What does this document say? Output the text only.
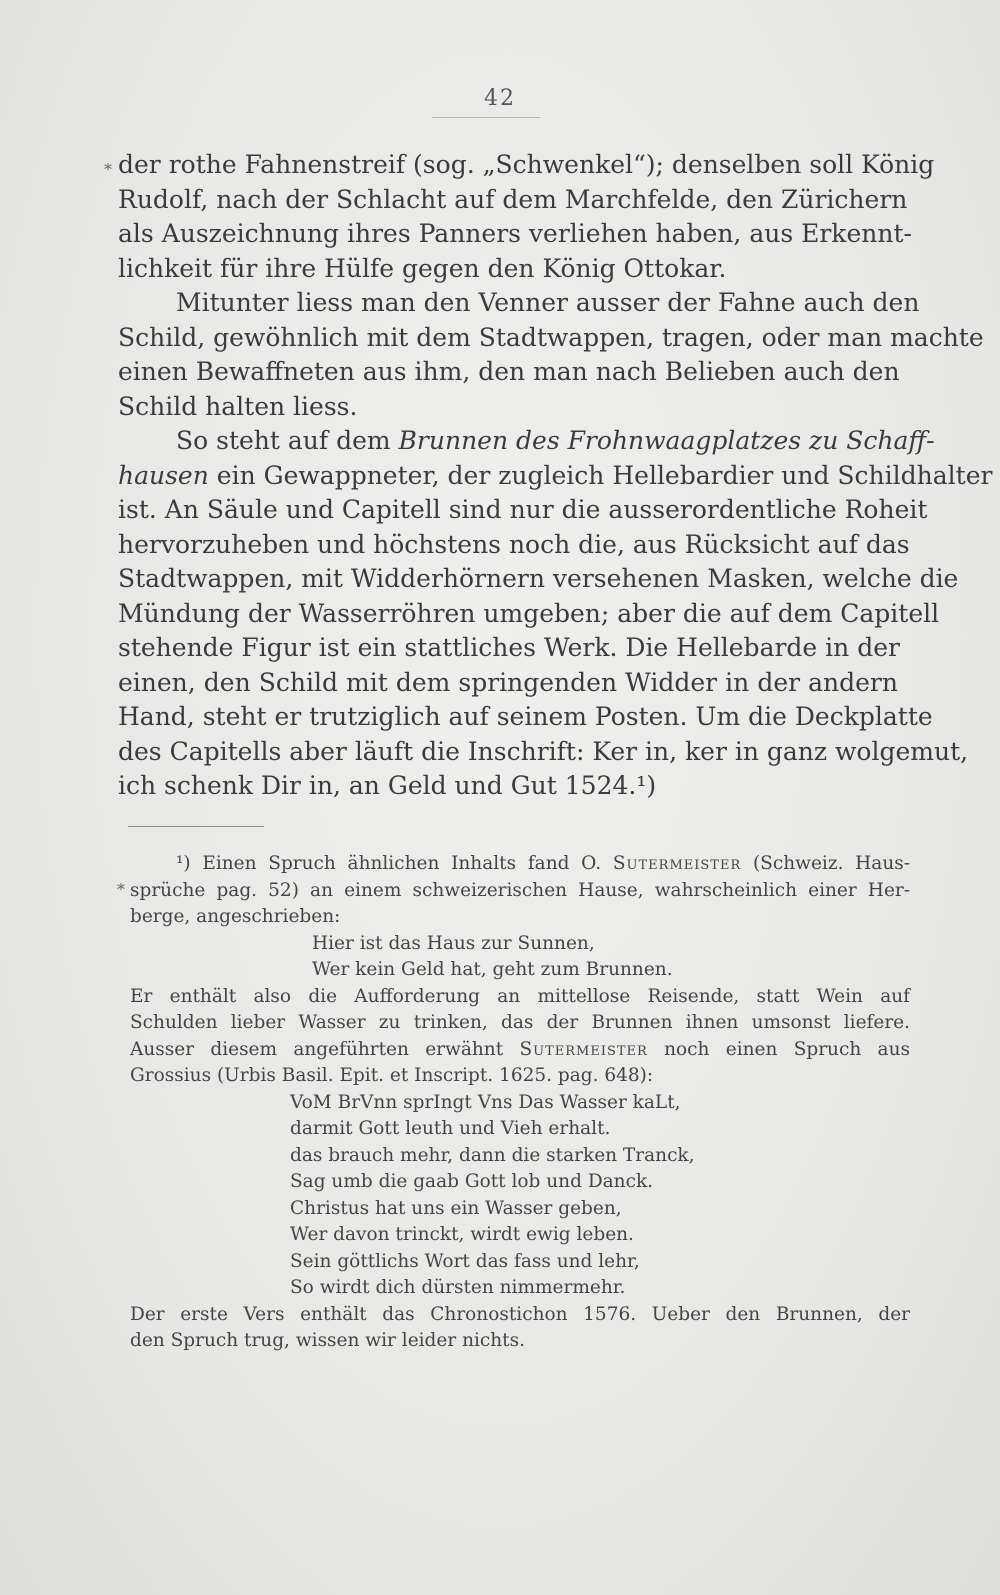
42
*
*
der rothe Fahnenstreif (sog. „Schwenkel“); denselben soll König
Rudolf, nach der Schlacht auf dem Marchfelde, den Zürichern
als Auszeichnung ihres Panners verliehen haben, aus Erkennt-
lichkeit für ihre Hülfe gegen den König Ottokar.
Mitunter liess man den Venner ausser der Fahne auch den
Schild, gewöhnlich mit dem Stadtwappen, tragen, oder man machte
einen Bewaffneten aus ihm, den man nach Belieben auch den
Schild halten liess.
So steht auf dem Brunnen des Frohnwaagplatzes zu Schaff-
hausen ein Gewappneter, der zugleich Hellebardier und Schildhalter
ist. An Säule und Capitell sind nur die ausserordentliche Roheit
hervorzuheben und höchstens noch die, aus Rücksicht auf das
Stadtwappen, mit Widderhörnern versehenen Masken, welche die
Mündung der Wasserröhren umgeben; aber die auf dem Capitell
stehende Figur ist ein stattliches Werk. Die Hellebarde in der
einen, den Schild mit dem springenden Widder in der andern
Hand, steht er trutziglich auf seinem Posten. Um die Deckplatte
des Capitells aber läuft die Inschrift: Ker in, ker in ganz wolgemut,
ich schenk Dir in, an Geld und Gut 1524.¹)
¹) Einen Spruch ähnlichen Inhalts fand O. Sutermeister (Schweiz. Haus-
sprüche pag. 52) an einem schweizerischen Hause, wahrscheinlich einer Her-
berge, angeschrieben:
Hier ist das Haus zur Sunnen,
Wer kein Geld hat, geht zum Brunnen.
Er enthält also die Aufforderung an mittellose Reisende, statt Wein auf
Schulden lieber Wasser zu trinken, das der Brunnen ihnen umsonst liefere.
Ausser diesem angeführten erwähnt Sutermeister noch einen Spruch aus
Grossius (Urbis Basil. Epit. et Inscript. 1625. pag. 648):
VoM BrVnn sprIngt Vns Das Wasser kaLt,
darmit Gott leuth und Vieh erhalt.
das brauch mehr, dann die starken Tranck,
Sag umb die gaab Gott lob und Danck.
Christus hat uns ein Wasser geben,
Wer davon trinckt, wirdt ewig leben.
Sein göttlichs Wort das fass und lehr,
So wirdt dich dürsten nimmermehr.
Der erste Vers enthält das Chronostichon 1576. Ueber den Brunnen, der
den Spruch trug, wissen wir leider nichts.
